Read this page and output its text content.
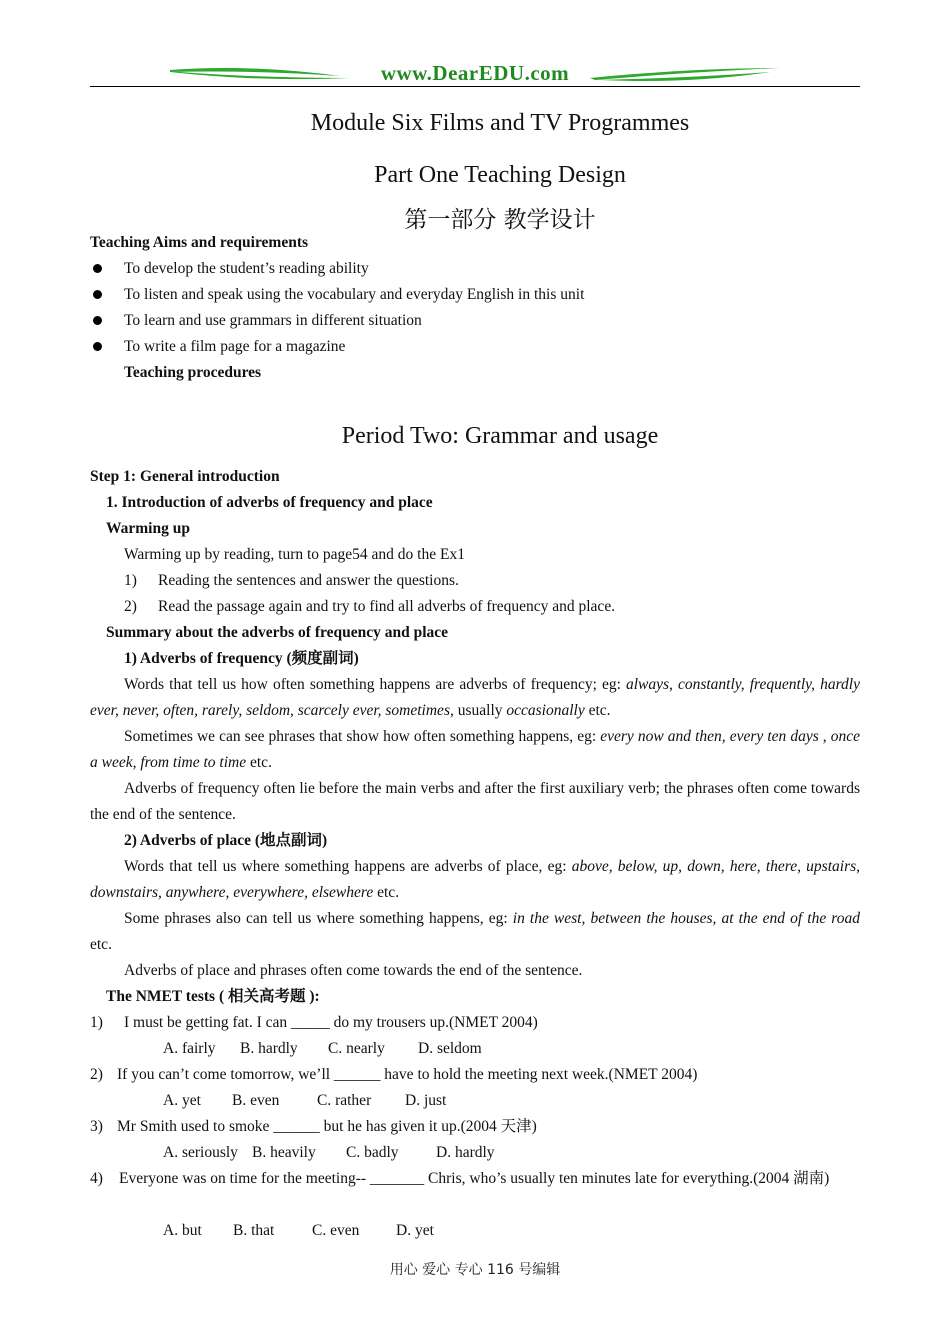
www.DearEDU.com
Module Six Films and TV Programmes
Part One Teaching Design
第一部分 教学设计
Teaching Aims and requirements
To develop the student’s reading ability
To listen and speak using the vocabulary and everyday English in this unit
To learn and use grammars in different situation
To write a film page for a magazine
Teaching procedures
Period Two: Grammar and usage
Step 1: General introduction
1. Introduction of adverbs of frequency and place
Warming up
Warming up by reading, turn to page54 and do the Ex1
1) Reading the sentences and answer the questions.
2) Read the passage again and try to find all adverbs of frequency and place.
Summary about the adverbs of frequency and place
1) Adverbs of frequency (频度副词)
Words that tell us how often something happens are adverbs of frequency; eg: always, constantly, frequently, hardly ever, never, often, rarely, seldom, scarcely ever, sometimes, usually occasionally etc.
Sometimes we can see phrases that show how often something happens, eg: every now and then, every ten days , once a week, from time to time etc.
Adverbs of frequency often lie before the main verbs and after the first auxiliary verb; the phrases often come towards the end of the sentence.
2) Adverbs of place (地点副词)
Words that tell us where something happens are adverbs of place, eg: above, below, up, down, here, there, upstairs, downstairs, anywhere, everywhere, elsewhere etc.
Some phrases also can tell us where something happens, eg: in the west, between the houses, at the end of the road etc.
Adverbs of place and phrases often come towards the end of the sentence.
The NMET tests ( 相关高考题 ):
1) I must be getting fat. I can _____ do my trousers up.(NMET 2004)
A. fairly B. hardly C. nearly D. seldom
2) If you can’t come tomorrow, we’ll ______ have to hold the meeting next week.(NMET 2004)
A. yet B. even C. rather D. just
3) Mr Smith used to smoke ______ but he has given it up.(2004 天津)
A. seriously B. heavily C. badly D. hardly
4)	Everyone was on time for the meeting-- _______ Chris, who’s usually ten minutes late for everything.(2004 湖南)
A. but B. that C. even D. yet
用心 爱心 专心 116 号编辑
